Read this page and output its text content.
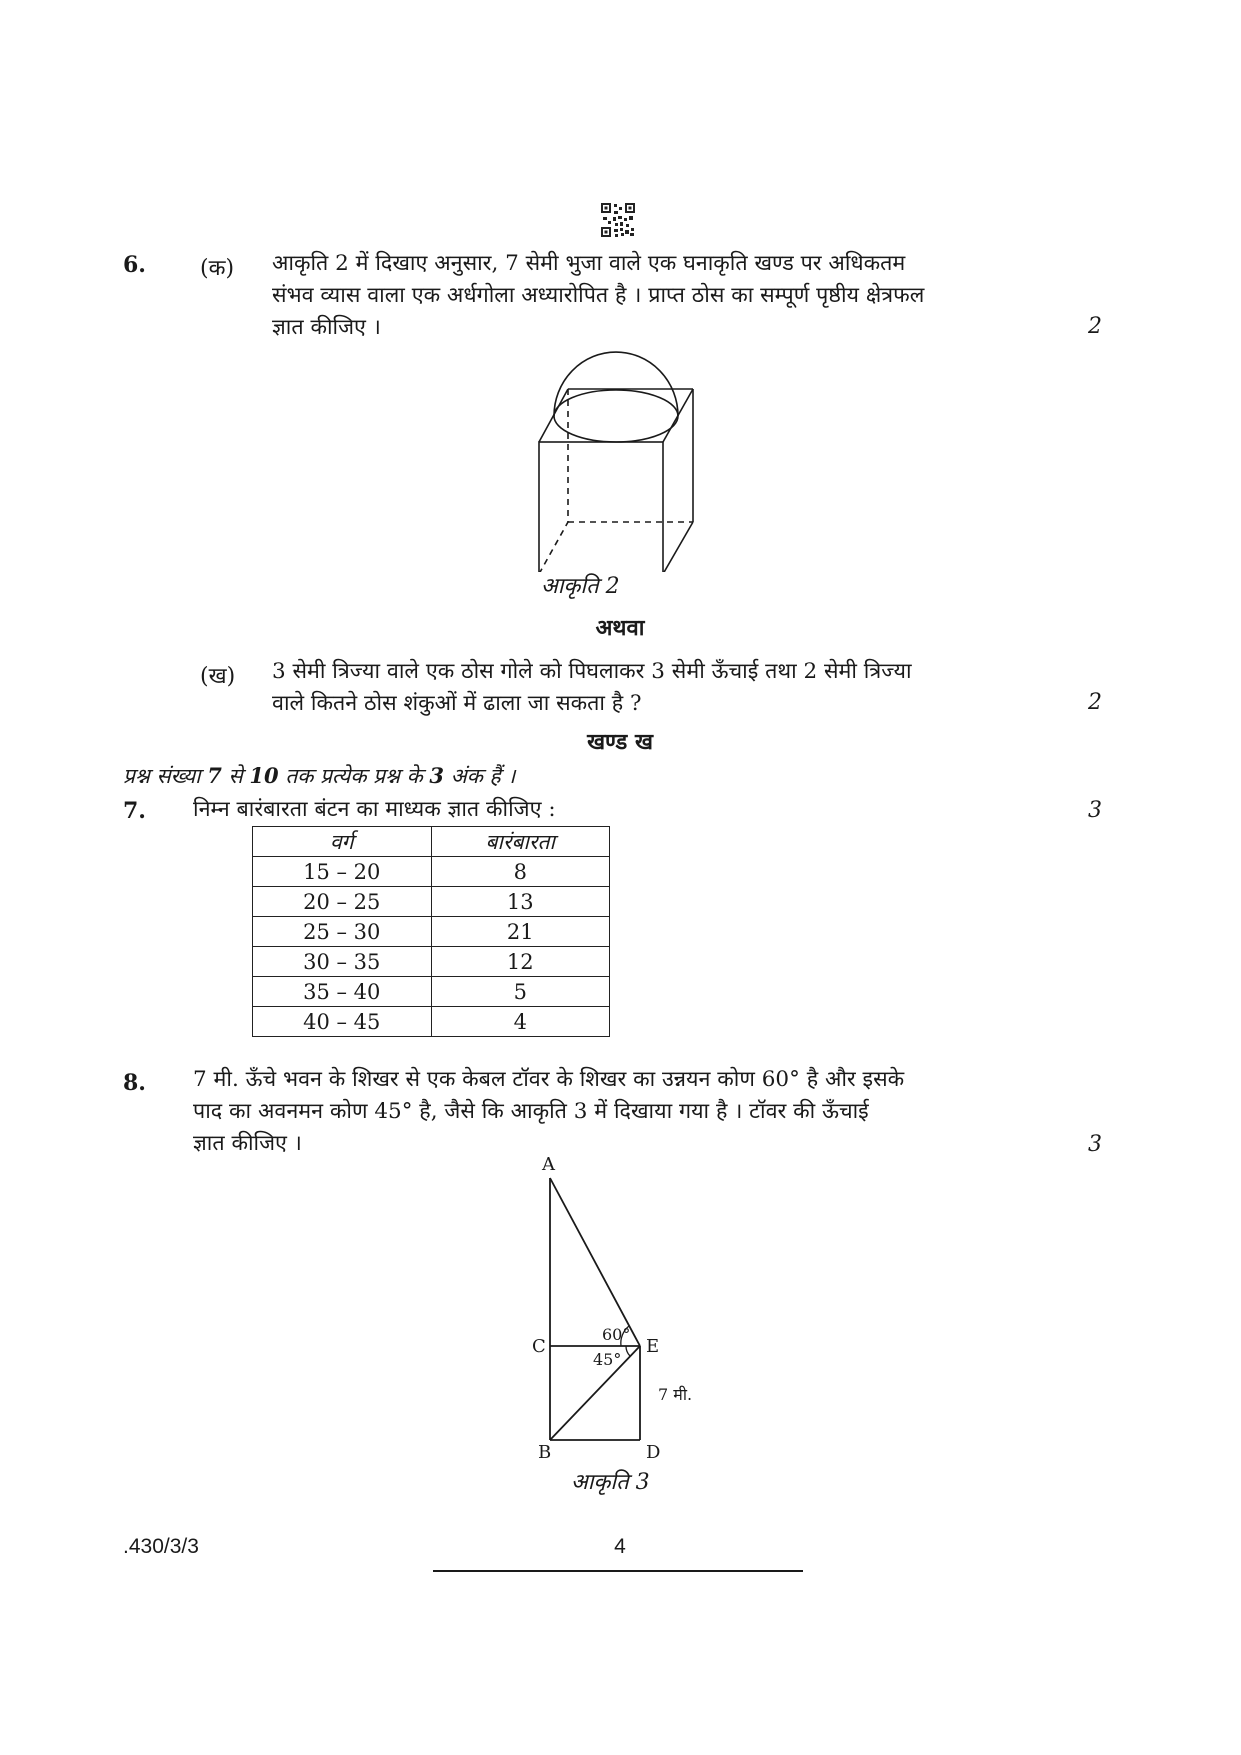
6. (क) आकृति 2 में दिखाए अनुसार, 7 सेमी भुजा वाले एक घनाकृति खण्ड पर अधिकतम
संभव व्यास वाला एक अर्धगोला अध्यारोपित है । प्राप्त ठोस का सम्पूर्ण पृष्ठीय क्षेत्रफल
ज्ञात कीजिए ।	2
आकृति 2
अथवा
(ख) 3 सेमी त्रिज्या वाले एक ठोस गोले को पिघलाकर 3 सेमी ऊँचाई तथा 2 सेमी त्रिज्या
वाले कितने ठोस शंकुओं में ढाला जा सकता है ?	2
खण्ड ख
प्रश्न संख्या 7 से 10 तक प्रत्येक प्रश्न के 3 अंक हैं ।
7. निम्न बारंबारता बंटन का माध्यक ज्ञात कीजिए :	3
वर्ग	बारंबारता
15 – 20	8
20 – 25	13
25 – 30	21
30 – 35	12
35 – 40	5
40 – 45	4
8. 7 मी. ऊँचे भवन के शिखर से एक केबल टॉवर के शिखर का उन्नयन कोण 60° है और इसके
पाद का अवनमन कोण 45° है, जैसे कि आकृति 3 में दिखाया गया है । टॉवर की ऊँचाई
ज्ञात कीजिए ।	3
A
C	E
B	D
60°
45°
7 मी.
आकृति 3
.430/3/3	4
